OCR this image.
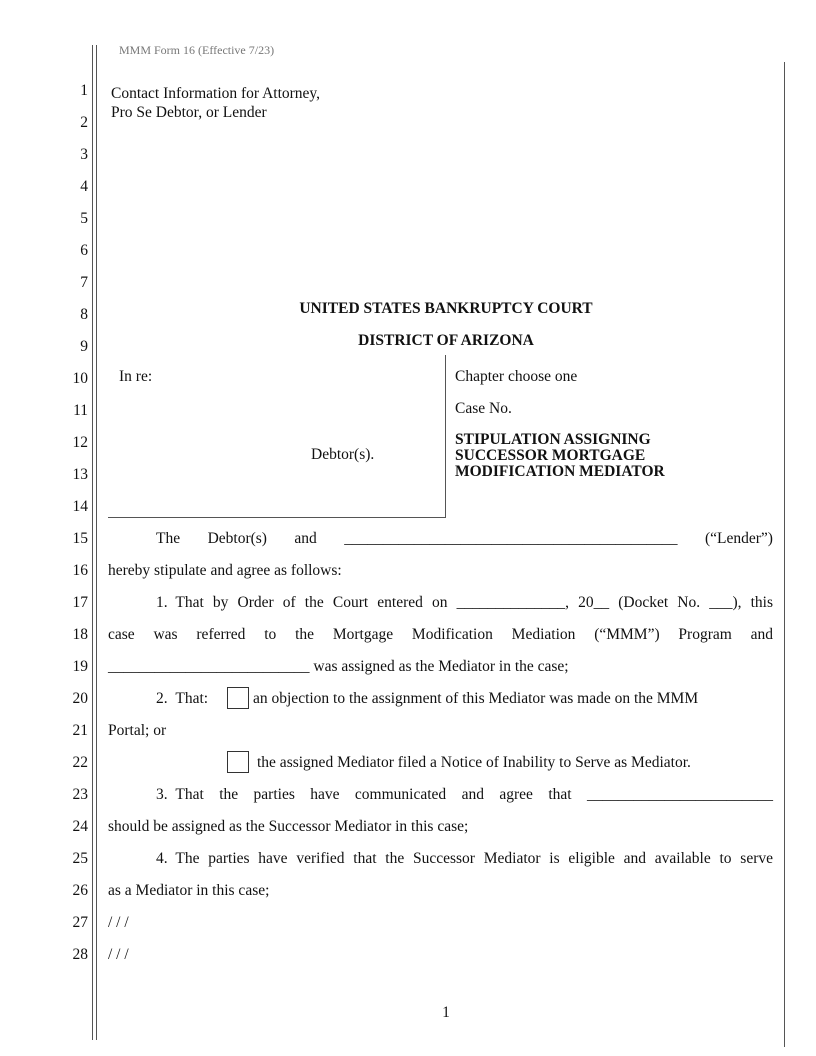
MMM Form 16 (Effective 7/23)
1
2
3
4
5
6
7
8
9
10
11
12
13
14
15
16
17
18
19
20
21
22
23
24
25
26
27
28
Contact Information for Attorney,
Pro Se Debtor, or Lender
UNITED STATES BANKRUPTCY COURT
DISTRICT OF ARIZONA
In re:
Debtor(s).
Chapter choose one
Case No.
STIPULATION ASSIGNING
SUCCESSOR MORTGAGE
MODIFICATION MEDIATOR
The Debtor(s) and ___________________________________________ (“Lender”)
hereby stipulate and agree as follows:
1. That by Order of the Court entered on ______________, 20__ (Docket No. ___), this
case was referred to the Mortgage Modification Mediation (“MMM”) Program and
__________________________ was assigned as the Mediator in the case;
2. That:	an objection to the assignment of this Mediator was made on the MMM
Portal; or
the assigned Mediator filed a Notice of Inability to Serve as Mediator.
3. That the parties have communicated and agree that ________________________
should be assigned as the Successor Mediator in this case;
4. The parties have verified that the Successor Mediator is eligible and available to serve
as a Mediator in this case;
/ / /
/ / /
1
